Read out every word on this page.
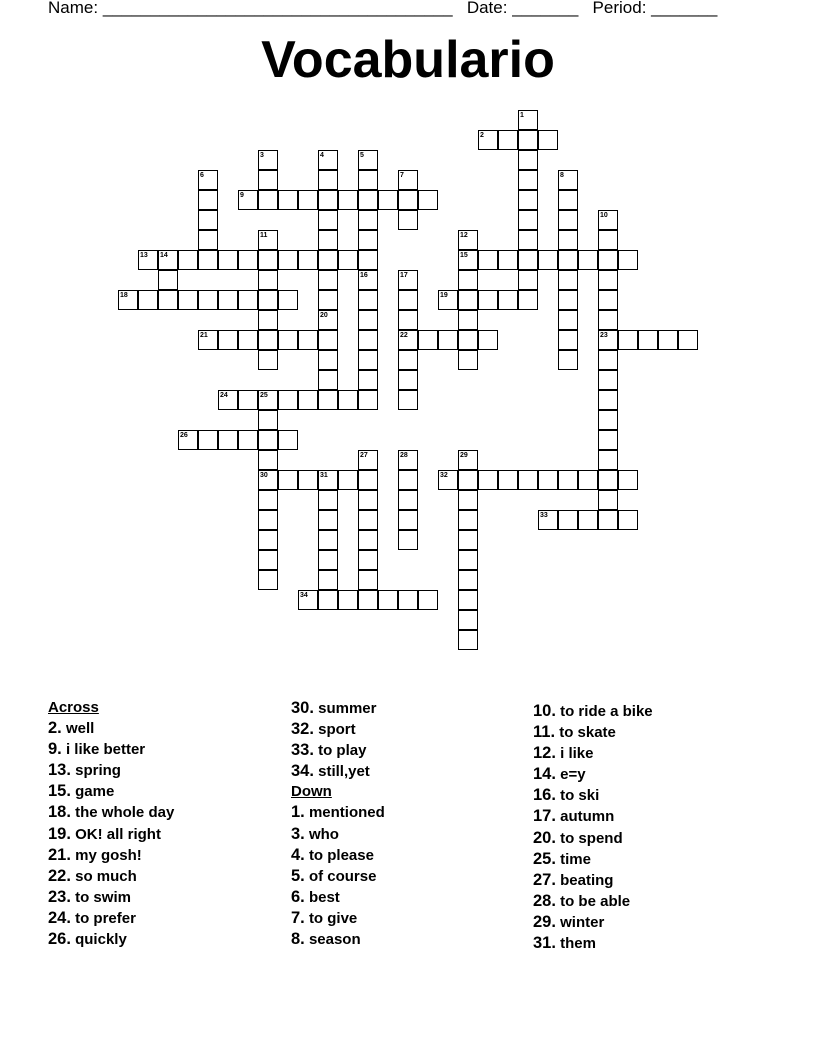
Name: _____________________________________ Date: _______ Period: _______
Vocabulario
1
2
3	4	5
6	7	8
9
10
11	12
13 14	15
16	17
18	19
20
21	22	23
24	25
26
27	28	29
30	31	32
33
34
Across
2. well
9. i like better
13. spring
15. game
18. the whole day
19. OK! all right
21. my gosh!
22. so much
23. to swim
24. to prefer
26. quickly
30. summer
32. sport
33. to play
34. still,yet
Down
1. mentioned
3. who
4. to please
5. of course
6. best
7. to give
8. season
10. to ride a bike
11. to skate
12. i like
14. e=y
16. to ski
17. autumn
20. to spend
25. time
27. beating
28. to be able
29. winter
31. them
